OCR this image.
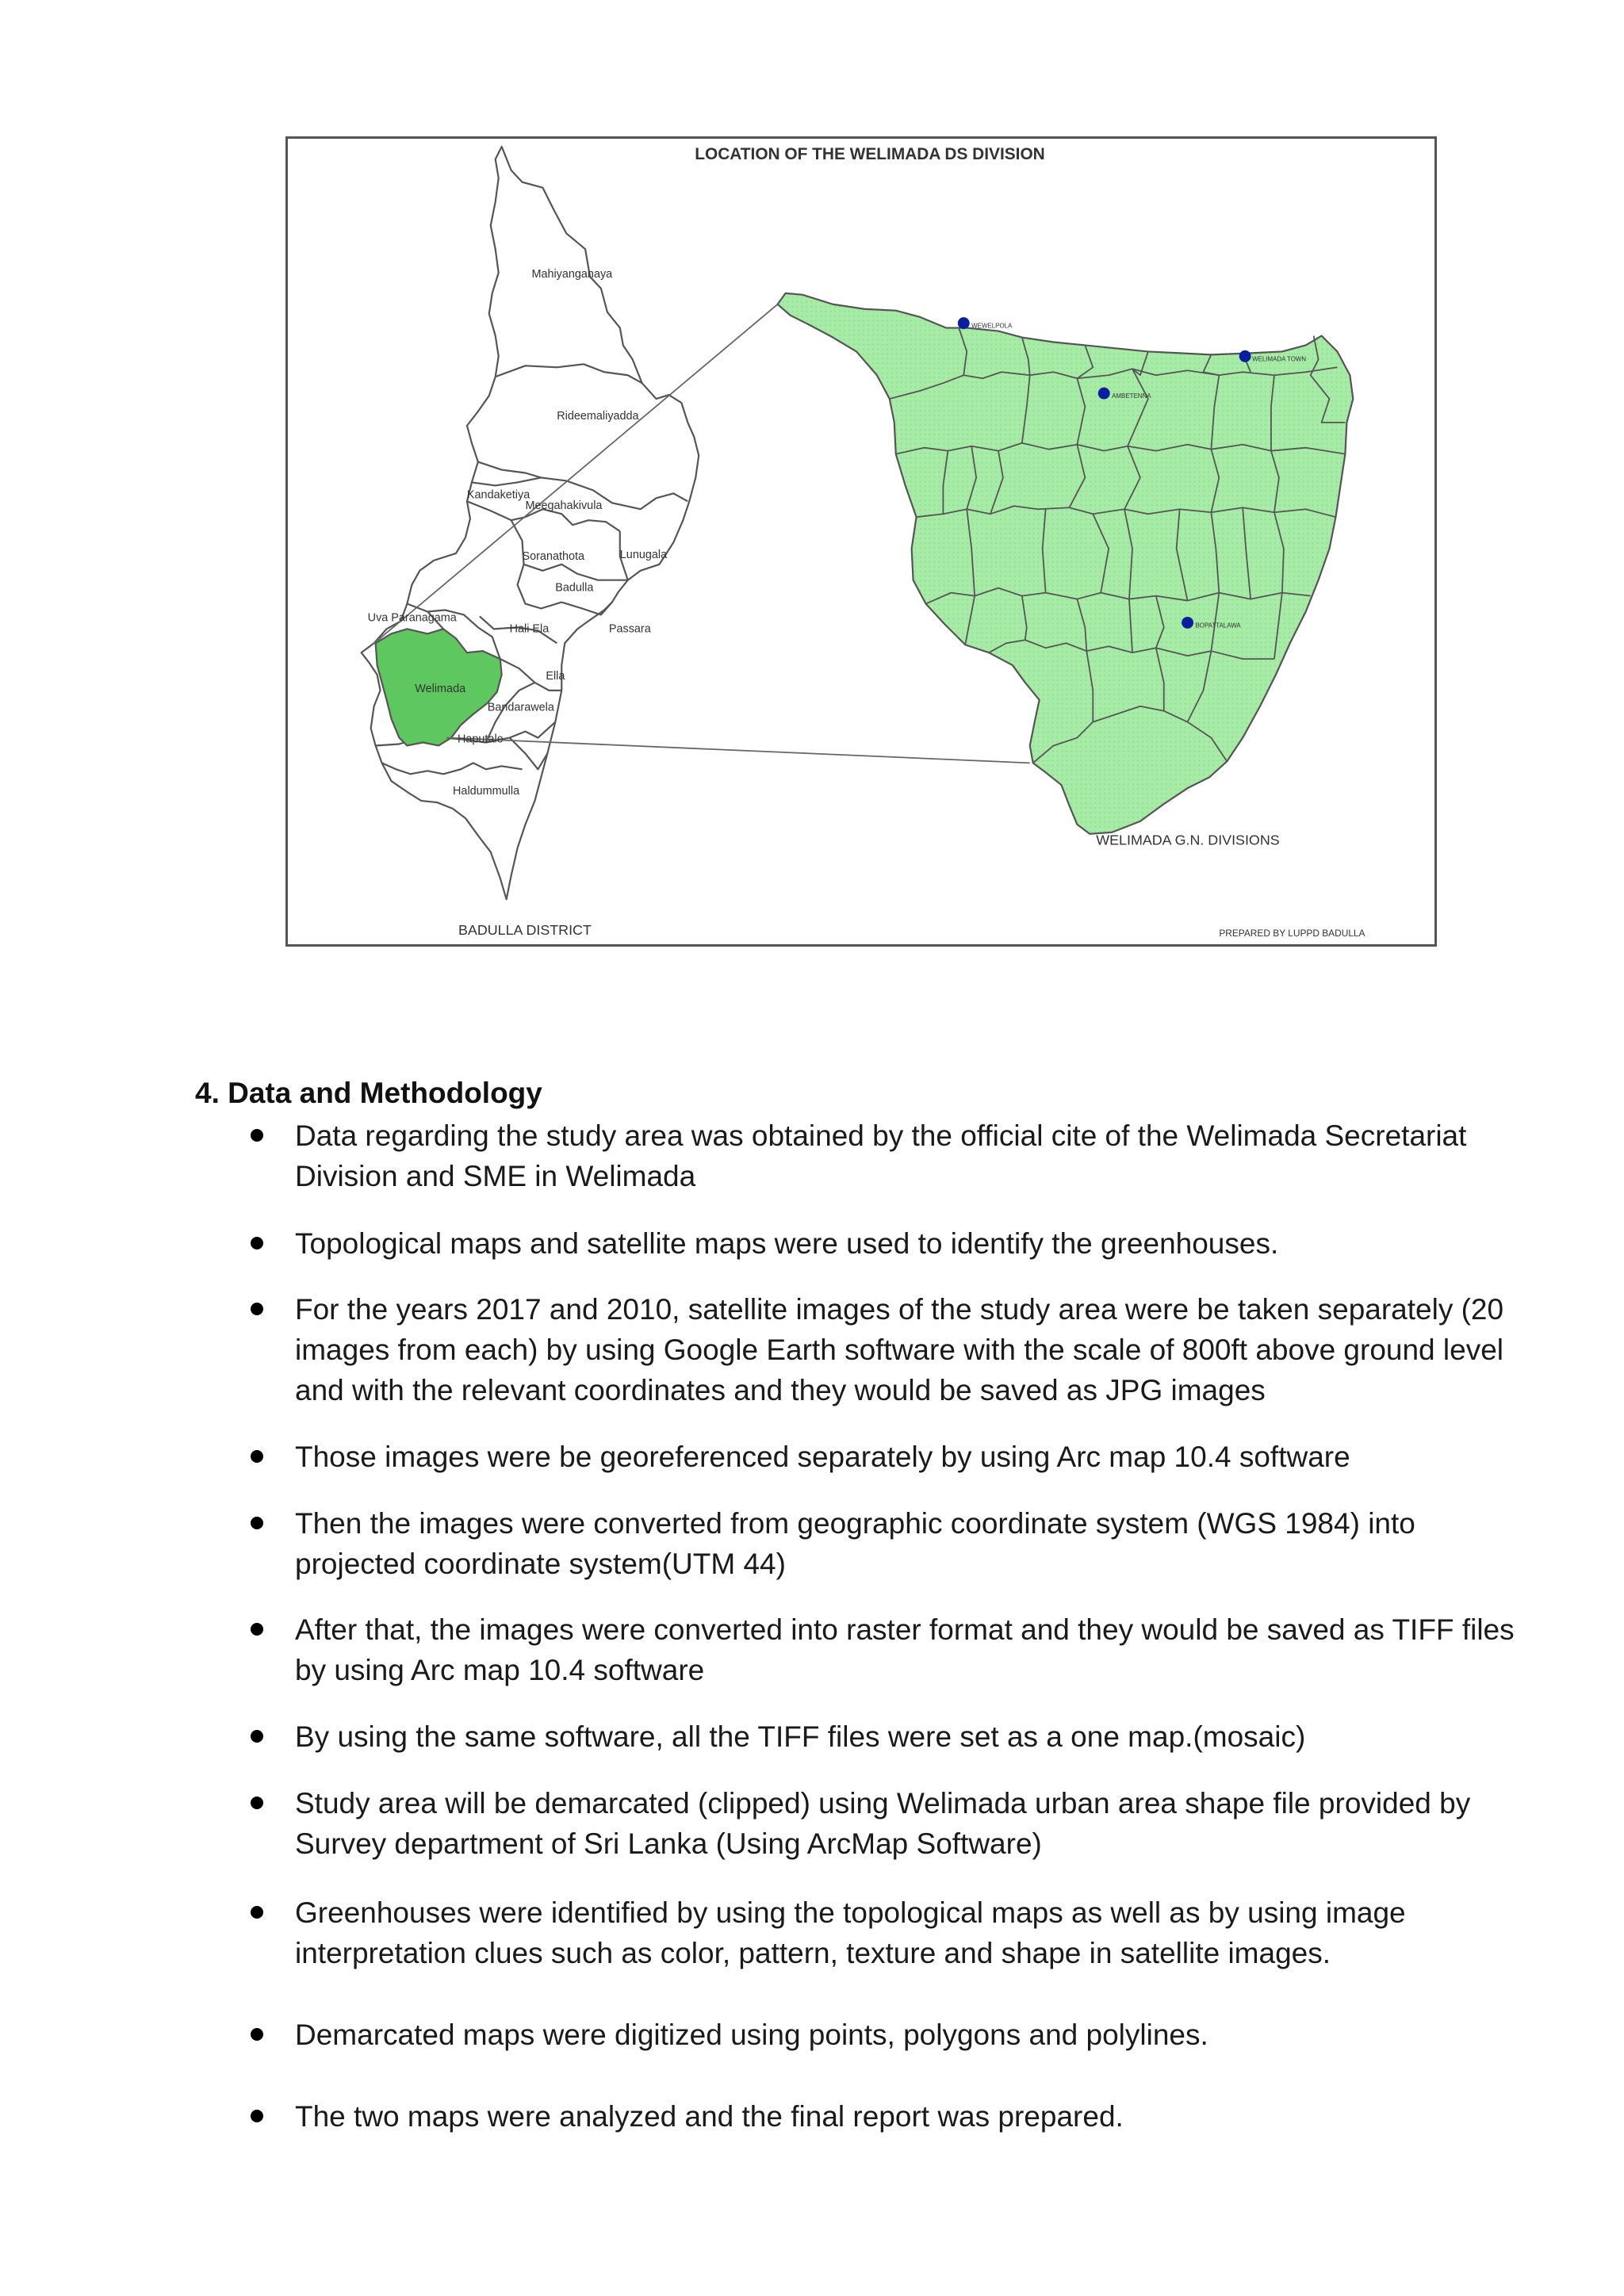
LOCATION OF THE WELIMADA DS DIVISION
WEWELPOLA
WELIMADA TOWN
AMBETENNA
BOPATTALAWA
Mahiyanganaya
Rideemaliyadda
Kandaketiya
Meegahakivula
Soranathota	Lunugala
Badulla
Uva Paranagama
Hali Ela	Passara
Ella
Welimada
Bandarawela
Haputale
Haldummulla
WELIMADA G.N. DIVISIONS
BADULLA DISTRICT	PREPARED BY LUPPD BADULLA
4. Data and Methodology
Data regarding the study area was obtained by the official cite of the Welimada Secretariat Division and SME in Welimada
Topological maps and satellite maps were used to identify the greenhouses.
For the years 2017 and 2010, satellite images of the study area were be taken separately (20 images from each) by using Google Earth software with the scale of 800ft above ground level and with the relevant coordinates and they would be saved as JPG images
Those images were be georeferenced separately by using Arc map 10.4 software
Then the images were converted from geographic coordinate system (WGS 1984) into projected coordinate system(UTM 44)
After that, the images were converted into raster format and they would be saved as TIFF files by using Arc map 10.4 software
By using the same software, all the TIFF files were set as a one map.(mosaic)
Study area will be demarcated (clipped) using Welimada urban area shape file provided by Survey department of Sri Lanka (Using ArcMap Software)
Greenhouses were identified by using the topological maps as well as by using image interpretation clues such as color, pattern, texture and shape in satellite images.
Demarcated maps were digitized using points, polygons and polylines.
The two maps were analyzed and the final report was prepared.
